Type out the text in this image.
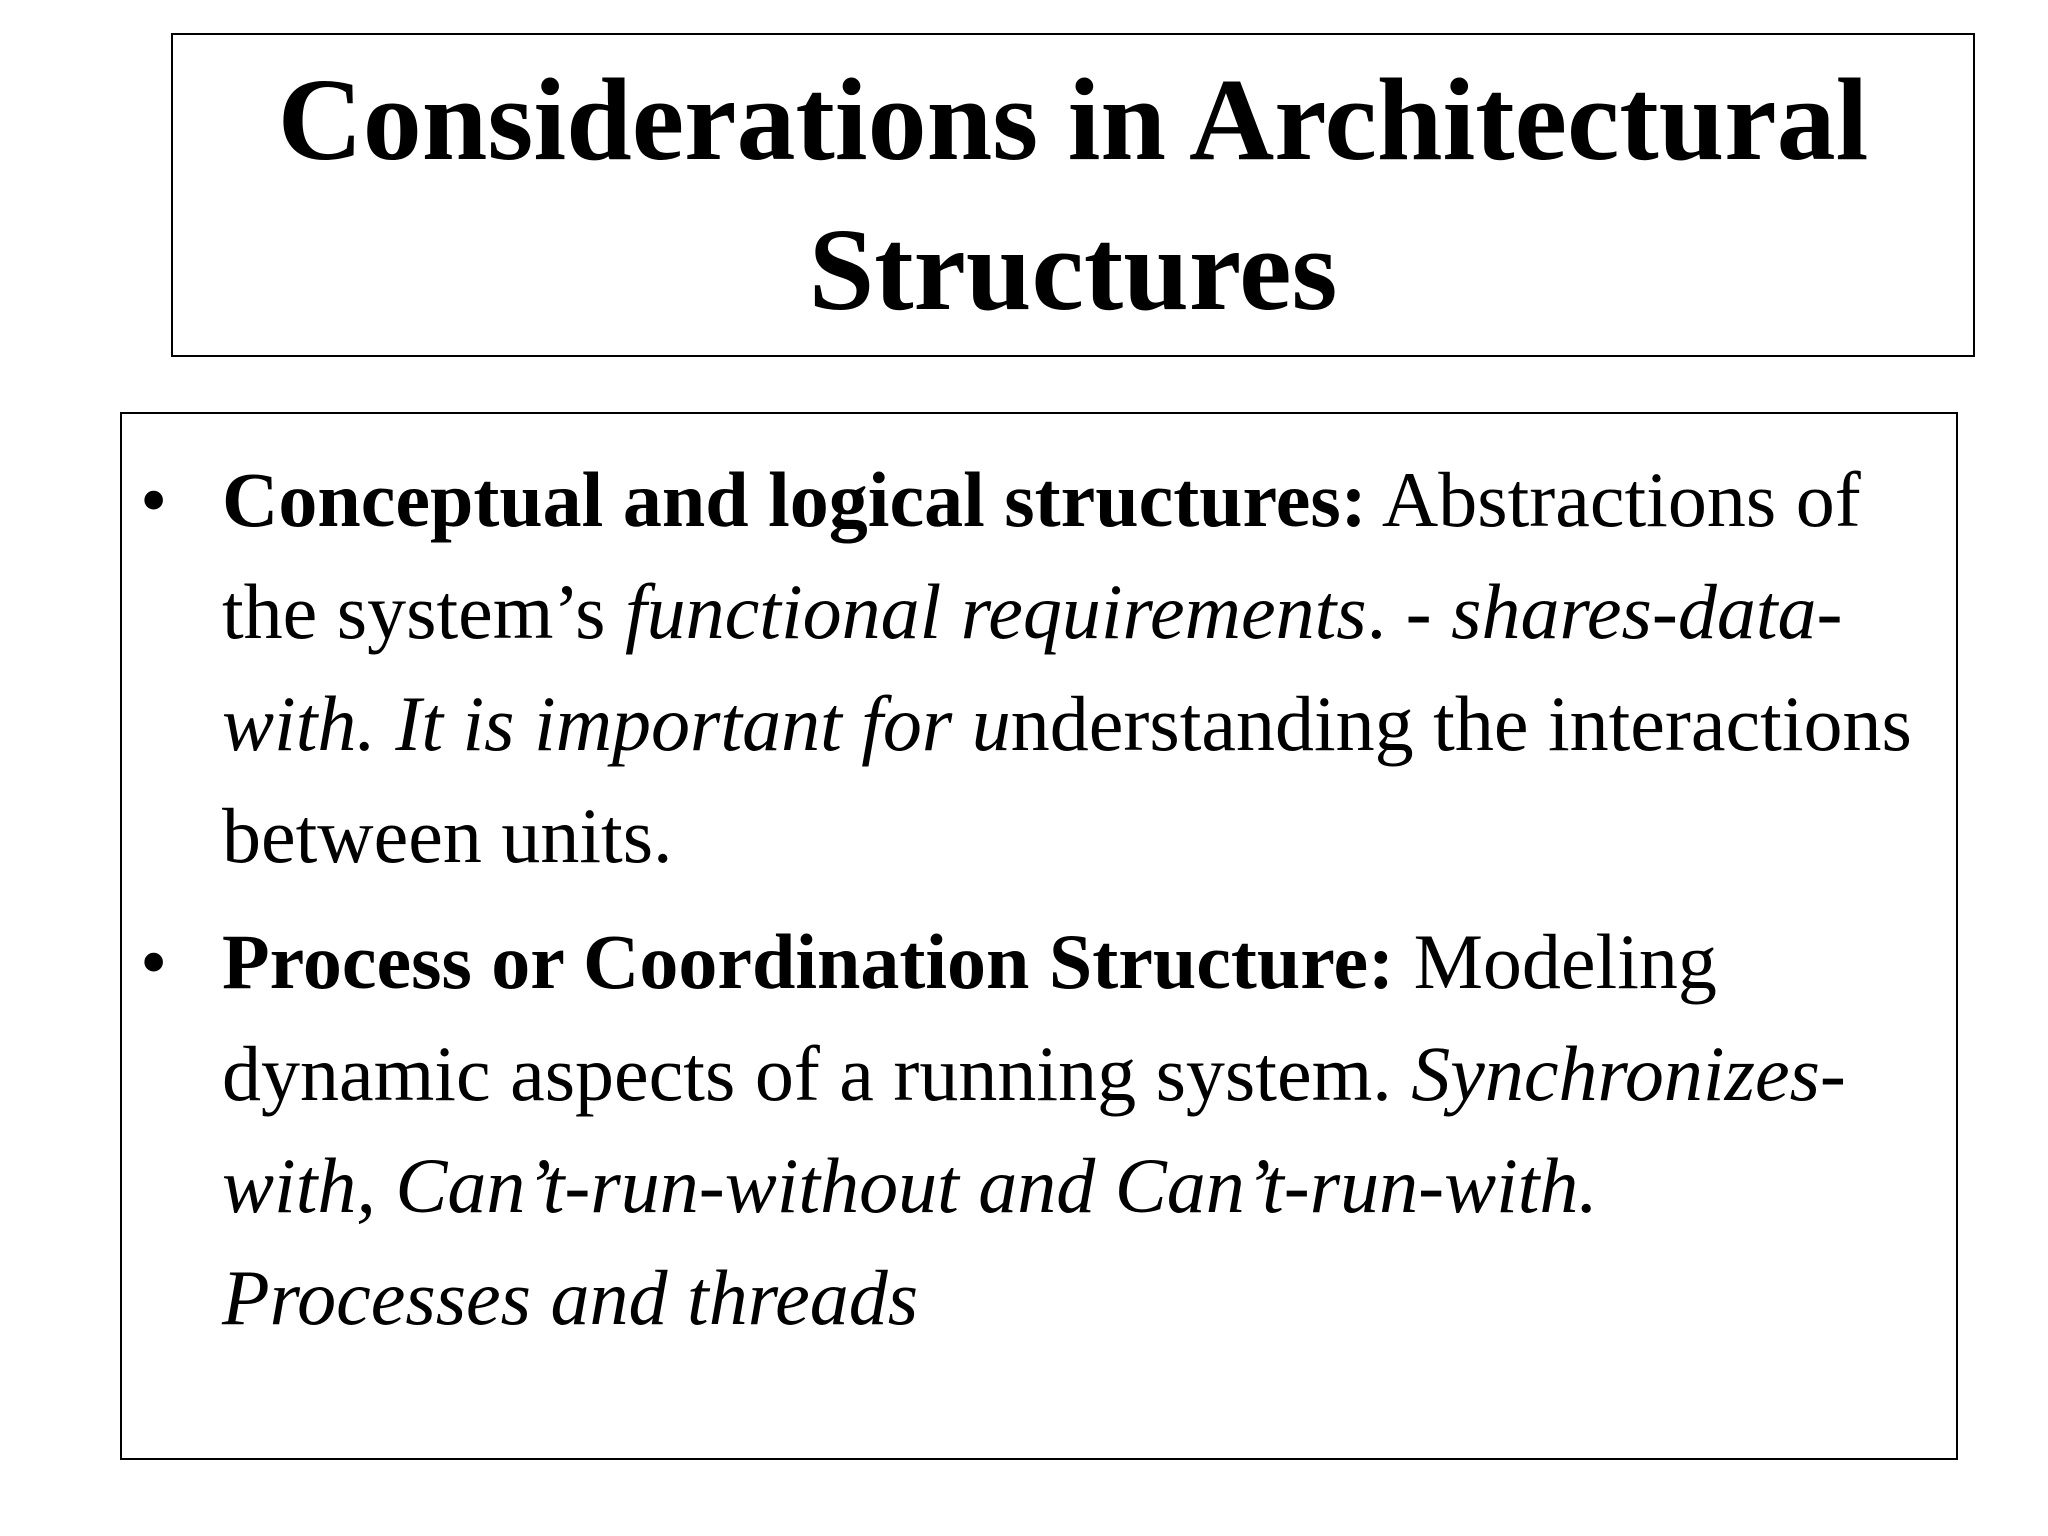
Considerations in Architectural
Structures
• Conceptual and logical structures: Abstractions of the system’s functional requirements. - shares-data-with. It is important for understanding the interactions between units.
• Process or Coordination Structure: Modeling dynamic aspects of a running system. Synchronizes-with, Can’t-run-without and Can’t-run-with. Processes and threads
